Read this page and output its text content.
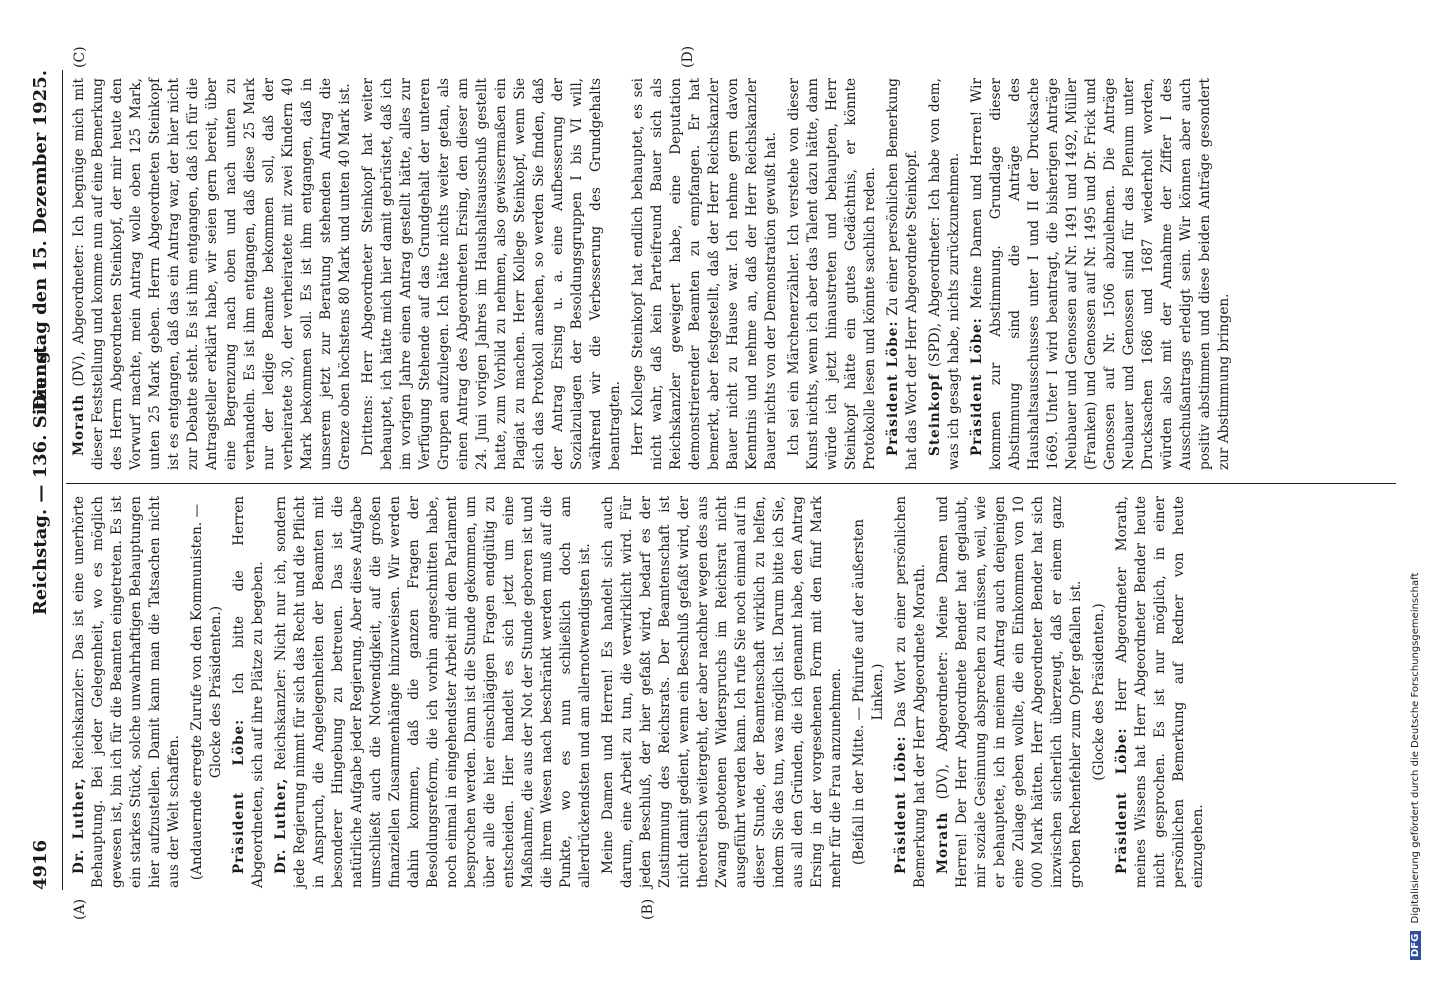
4916
Reichstag. — 136. Sitzung.
Dienstag den 15. Dezember 1925.
(A)	(B)
(C)	(D)

Dr. Luther, Reichskanzler: Das ist eine unerhörte Behauptung. Bei jeder Gelegenheit, wo es möglich gewesen ist, bin ich für die Beamten eingetreten. Es ist ein starkes Stück, solche unwahrhaftigen Behauptungen hier aufzustellen. Damit kann man die Tatsachen nicht aus der Welt schaffen. (Andauernde erregte Zurufe von den Kommunisten. — Glocke des Präsidenten.)

Präsident Löbe: Ich bitte die Herren Abgeordneten, sich auf ihre Plätze zu begeben. Dr. Luther, Reichskanzler: Nicht nur ich, sondern jede Regierung nimmt für sich das Recht und die Pflicht in Anspruch, die Angelegenheiten der Beamten mit besonderer Hingebung zu betreuen. Das ist die natürliche Aufgabe jeder Regierung. Aber diese Aufgabe umschließt auch die Notwendigkeit, auf die großen finanziellen Zusammenhänge hinzuweisen. Wir werden dahin kommen, daß die ganzen Fragen der Besoldungsreform, die ich vorhin angeschnitten habe, noch einmal in eingehendster Arbeit mit dem Parlament besprochen werden. Dann ist die Stunde gekommen, um über alle die hier einschlägigen Fragen endgültig zu entscheiden. Hier handelt es sich jetzt um eine Maßnahme, die aus der Not der Stunde geboren ist und die ihrem Wesen nach beschränkt werden muß auf die Punkte, wo es nun schließlich doch am allerdrückendsten und am allernotwendigsten ist. Meine Damen und Herren! Es handelt sich auch darum, eine Arbeit zu tun, die verwirklicht wird. Für jeden Beschluß, der hier gefaßt wird, bedarf es der Zustimmung des Reichsrats. Der Beamtenschaft ist nicht damit gedient, wenn ein Beschluß gefaßt wird, der theoretisch weitergeht, der aber nachher wegen des aus Zwang gebotenen Widerspruchs im Reichsrat nicht ausgeführt werden kann. Ich rufe Sie noch einmal auf in dieser Stunde, der Beamtenschaft wirklich zu helfen, indem Sie das tun, was möglich ist. Darum bitte ich Sie, aus all den Gründen, die ich genannt habe, den Antrag Ersing in der vorgesehenen Form mit den fünf Mark mehr für die Frau anzunehmen. (Beifall in der Mitte. — Pfuirufe auf der äußersten Linken.)

Präsident Löbe: Das Wort zu einer persönlichen Bemerkung hat der Herr Abgeordnete Morath. Morath (DV), Abgeordneter: Meine Damen und Herren! Der Herr Abgeordnete Bender hat geglaubt, mir soziale Gesinnung absprechen zu müssen, weil, wie er behauptete, ich in meinem Antrag auch denjenigen eine Zulage geben wollte, die ein Einkommen von 10 000 Mark hätten. Herr Abgeordneter Bender hat sich inzwischen sicherlich überzeugt, daß er einem ganz groben Rechenfehler zum Opfer gefallen ist. (Glocke des Präsidenten.)

Präsident Löbe: Herr Abgeordneter Morath, meines Wissens hat Herr Abgeordneter Bender heute nicht gesprochen. Es ist nur möglich, in einer persönlichen Bemerkung auf Redner von heute einzugehen.

Morath (DV), Abgeordneter: Ich begnüge mich mit dieser Feststellung und komme nun auf eine Bemerkung des Herrn Abgeordneten Steinkopf, der mir heute den Vorwurf machte, mein Antrag wolle oben 125 Mark, unten 25 Mark geben. Herrn Abgeordneten Steinkopf ist es entgangen, daß das ein Antrag war, der hier nicht zur Debatte steht. Es ist ihm entgangen, daß ich für die Antragsteller erklärt habe, wir seien gern bereit, über eine Begrenzung nach oben und nach unten zu verhandeln. Es ist ihm entgangen, daß diese 25 Mark nur der ledige Beamte bekommen soll, daß der verheiratete 30, der verheiratete mit zwei Kindern 40 Mark bekommen soll. Es ist ihm entgangen, daß in unserem jetzt zur Beratung stehenden Antrag die Grenze oben höchstens 80 Mark und unten 40 Mark ist. Drittens: Herr Abgeordneter Steinkopf hat weiter behauptet, ich hätte mich hier damit gebrüstet, daß ich im vorigen Jahre einen Antrag gestellt hätte, alles zur Verfügung Stehende auf das Grundgehalt der unteren Gruppen aufzulegen. Ich hätte nichts weiter getan, als einen Antrag des Abgeordneten Ersing, den dieser am 24. Juni vorigen Jahres im Haushaltsausschuß gestellt hatte, zum Vorbild zu nehmen, also gewissermaßen ein Plagiat zu machen. Herr Kollege Steinkopf, wenn Sie sich das Protokoll ansehen, so werden Sie finden, daß der Antrag Ersing u. a. eine Aufbesserung der Sozialzulagen der Besoldungsgruppen I bis VI will, während wir die Verbesserung des Grundgehalts beantragten. Herr Kollege Steinkopf hat endlich behauptet, es sei nicht wahr, daß kein Parteifreund Bauer sich als Reichskanzler geweigert habe, eine Deputation demonstrierender Beamten zu empfangen. Er hat bemerkt, aber festgestellt, daß der Herr Reichskanzler Bauer nicht zu Hause war. Ich nehme gern davon Kenntnis und nehme an, daß der Herr Reichskanzler Bauer nichts von der Demonstration gewußt hat. Ich sei ein Märchenerzähler. Ich verstehe von dieser Kunst nichts, wenn ich aber das Talent dazu hätte, dann würde ich jetzt hinaustreten und behaupten, Herr Steinkopf hätte ein gutes Gedächtnis, er könnte Protokolle lesen und könnte sachlich reden. Präsident Löbe: Zu einer persönlichen Bemerkung hat das Wort der Herr Abgeordnete Steinkopf. Steinkopf (SPD), Abgeordneter: Ich habe von dem, was ich gesagt habe, nichts zurückzunehmen. Präsident Löbe: Meine Damen und Herren! Wir kommen zur Abstimmung. Grundlage dieser Abstimmung sind die Anträge des Haushaltsausschusses unter I und II der Drucksache 1669. Unter I wird beantragt, die bisherigen Anträge Neubauer und Genossen auf Nr. 1491 und 1492, Müller (Franken) und Genossen auf Nr. 1495 und Dr. Frick und Genossen auf Nr. 1506 abzulehnen. Die Anträge Neubauer und Genossen sind für das Plenum unter Drucksachen 1686 und 1687 wiederholt worden, würden also mit der Annahme der Ziffer I des Ausschußantrags erledigt sein. Wir können aber auch positiv abstimmen und diese beiden Anträge gesondert zur Abstimmung bringen.

DFG Digitalisierung gefördert durch die Deutsche Forschungsgemeinschaft
